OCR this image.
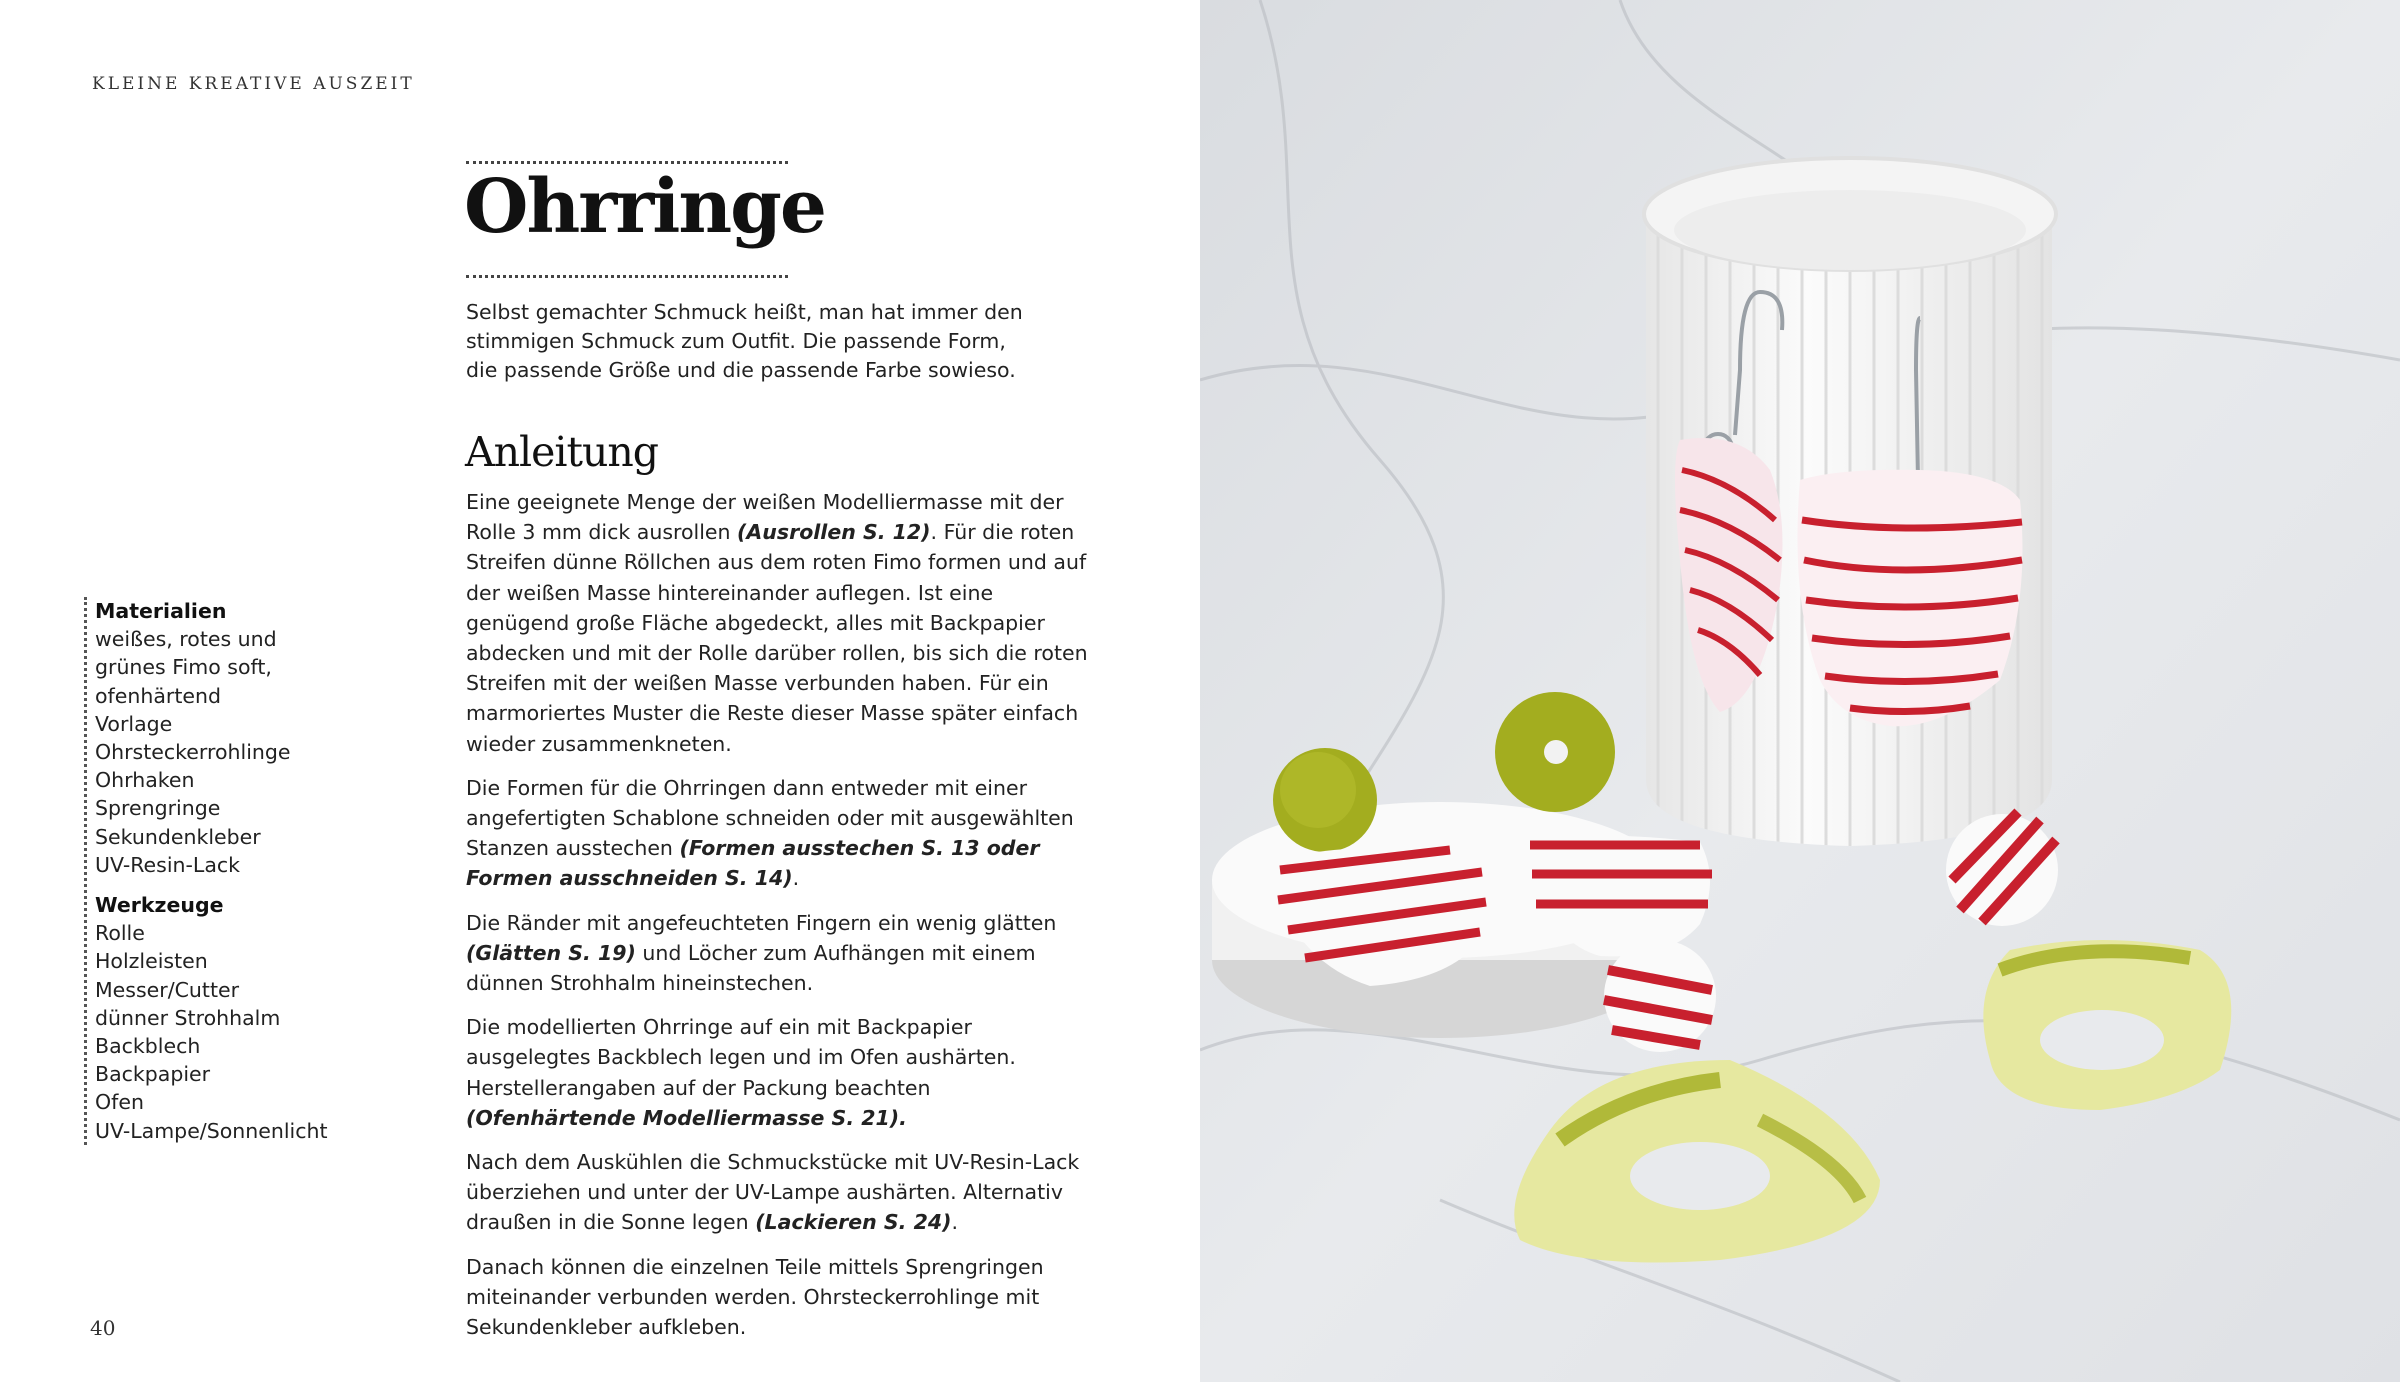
KLEINE KREATIVE AUSZEIT
Ohrringe
Selbst gemachter Schmuck heißt, man hat immer den stimmigen Schmuck zum Outfit. Die passende Form, die passende Größe und die passende Farbe sowieso.
Anleitung

Eine geeignete Menge der weißen Modelliermasse mit der Rolle 3 mm dick ausrollen (Ausrollen S. 12). Für die roten Streifen dünne Röllchen aus dem roten Fimo formen und auf der weißen Masse hintereinander auflegen. Ist eine genügend große Fläche abgedeckt, alles mit Backpapier abdecken und mit der Rolle darüber rollen, bis sich die roten Streifen mit der weißen Masse verbunden haben. Für ein marmoriertes Muster die Reste dieser Masse später einfach wieder zusammenkneten.

Die Formen für die Ohrringen dann entweder mit einer angefertigten Schablone schneiden oder mit ausgewählten Stanzen ausstechen (Formen ausstechen S. 13 oder Formen ausschneiden S. 14).

Die Ränder mit angefeuchteten Fingern ein wenig glätten (Glätten S. 19) und Löcher zum Aufhängen mit einem dünnen Strohhalm hineinstechen.

Die modellierten Ohrringe auf ein mit Backpapier ausgelegtes Backblech legen und im Ofen aushärten. Herstellerangaben auf der Packung beachten (Ofenhärtende Modelliermasse S. 21).

Nach dem Auskühlen die Schmuckstücke mit UV-Resin-Lack überziehen und unter der UV-Lampe aushärten. Alternativ draußen in die Sonne legen (Lackieren S. 24).

Danach können die einzelnen Teile mittels Sprengringen miteinander verbunden werden. Ohrsteckerrohlinge mit Sekundenkleber aufkleben.

Materialien
weißes, rotes und
grünes Fimo soft,
ofenhärtend
Vorlage
Ohrsteckerrohlinge
Ohrhaken
Sprengringe
Sekundenkleber
UV-Resin-Lack
Werkzeuge
Rolle
Holzleisten
Messer/Cutter
dünner Strohhalm
Backblech
Backpapier
Ofen
UV-Lampe/Sonnenlicht
40
